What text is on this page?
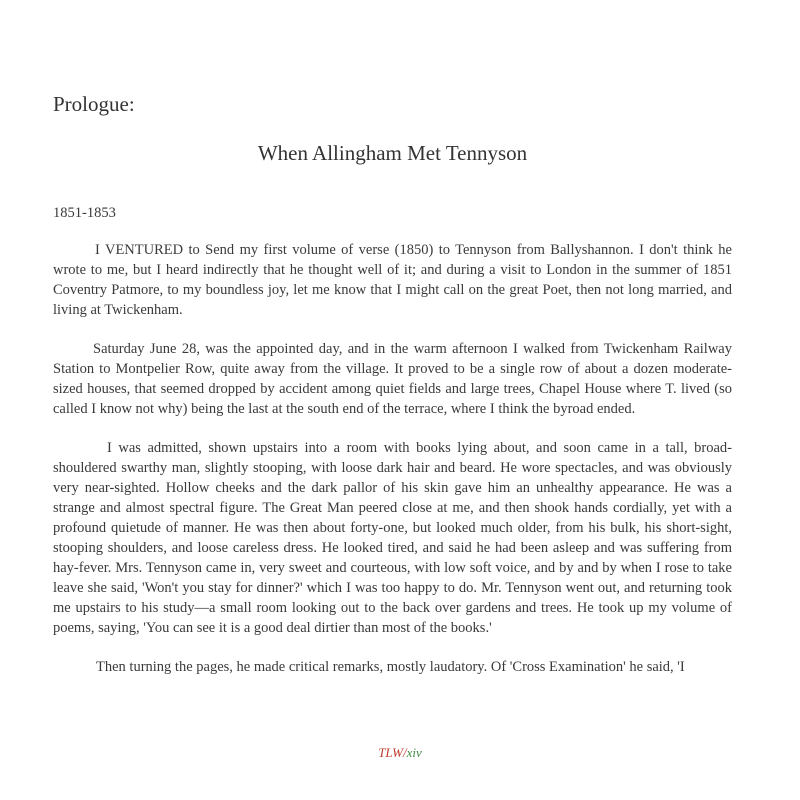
Prologue:
When Allingham Met Tennyson
1851-1853

I VENTURED to Send my first volume of verse (1850) to Tennyson from Ballyshannon. I don't think he wrote to me, but I heard indirectly that he thought well of it; and during a visit to London in the summer of 1851 Coventry Patmore, to my boundless joy, let me know that I might call on the great Poet, then not long married, and living at Twickenham.

Saturday June 28, was the appointed day, and in the warm afternoon I walked from Twickenham Railway Station to Montpelier Row, quite away from the village. It proved to be a single row of about a dozen moderate-sized houses, that seemed dropped by accident among quiet fields and large trees, Chapel House where T. lived (so called I know not why) being the last at the south end of the terrace, where I think the byroad ended.

I was admitted, shown upstairs into a room with books lying about, and soon came in a tall, broad-shouldered swarthy man, slightly stooping, with loose dark hair and beard. He wore spectacles, and was obviously very near-sighted. Hollow cheeks and the dark pallor of his skin gave him an unhealthy appearance. He was a strange and almost spectral figure. The Great Man peered close at me, and then shook hands cordially, yet with a profound quietude of manner. He was then about forty-one, but looked much older, from his bulk, his short-sight, stooping shoulders, and loose careless dress. He looked tired, and said he had been asleep and was suffering from hay-fever. Mrs. Tennyson came in, very sweet and courteous, with low soft voice, and by and by when I rose to take leave she said, 'Won't you stay for dinner?' which I was too happy to do. Mr. Tennyson went out, and returning took me upstairs to his study—a small room looking out to the back over gardens and trees. He took up my volume of poems, saying, 'You can see it is a good deal dirtier than most of the books.'

Then turning the pages, he made critical remarks, mostly laudatory. Of 'Cross Examination' he said, 'I

TLW/xiv
